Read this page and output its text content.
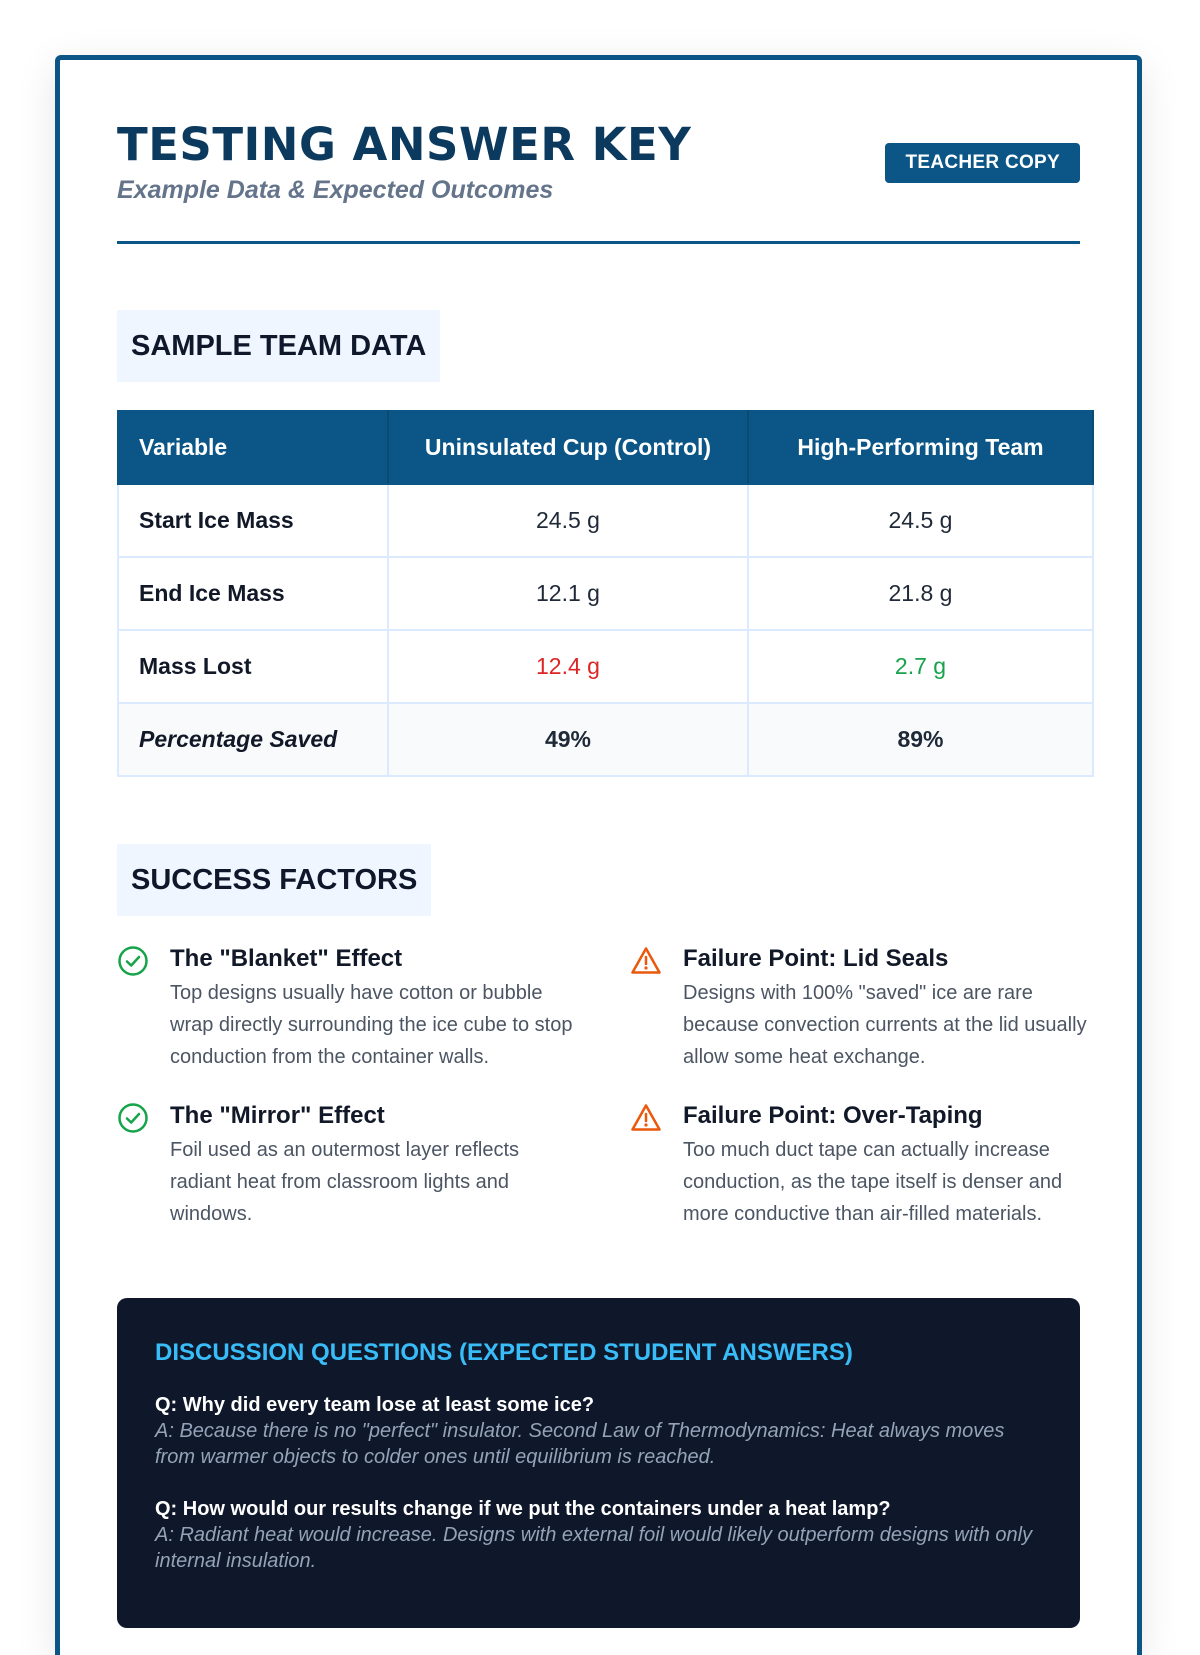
TESTING ANSWER KEY
Example Data & Expected Outcomes
TEACHER COPY
SAMPLE TEAM DATA
Variable	Uninsulated Cup (Control)	High-Performing Team
Start Ice Mass	24.5 g	24.5 g
End Ice Mass	12.1 g	21.8 g
Mass Lost	12.4 g	2.7 g
Percentage Saved	49%	89%
SUCCESS FACTORS
The "Blanket" Effect
Top designs usually have cotton or bubble wrap directly surrounding the ice cube to stop conduction from the container walls.
Failure Point: Lid Seals
Designs with 100% "saved" ice are rare because convection currents at the lid usually allow some heat exchange.
The "Mirror" Effect
Foil used as an outermost layer reflects radiant heat from classroom lights and windows.
Failure Point: Over-Taping
Too much duct tape can actually increase conduction, as the tape itself is denser and more conductive than air-filled materials.
DISCUSSION QUESTIONS (EXPECTED STUDENT ANSWERS)
Q: Why did every team lose at least some ice?
A: Because there is no "perfect" insulator. Second Law of Thermodynamics: Heat always moves from warmer objects to colder ones until equilibrium is reached.
Q: How would our results change if we put the containers under a heat lamp?
A: Radiant heat would increase. Designs with external foil would likely outperform designs with only internal insulation.
